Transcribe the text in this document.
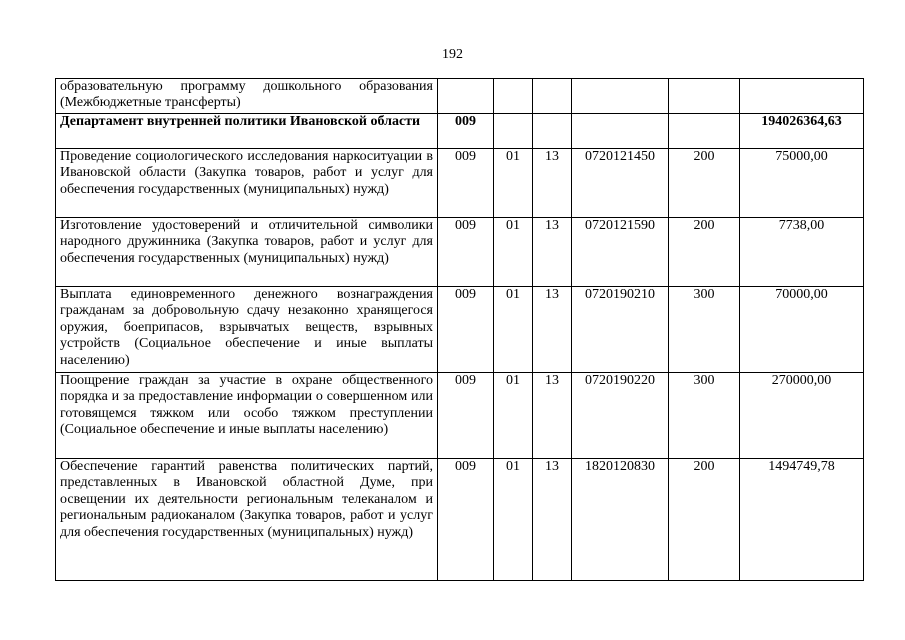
192
образовательную программу дошкольного образования (Межбюджетные трансферты)						
Департамент внутренней политики Ивановской области	009					194026364,63
Проведение социологического исследования наркоситуации в Ивановской области (Закупка товаров, работ и услуг для обеспечения государственных (муниципальных) нужд)	009	01	13	0720121450	200	75000,00
Изготовление удостоверений и отличительной символики народного дружинника (Закупка товаров, работ и услуг для обеспечения государственных (муниципальных) нужд)	009	01	13	0720121590	200	7738,00
Выплата единовременного денежного вознаграждения гражданам за добровольную сдачу незаконно хранящегося оружия, боеприпасов, взрывчатых веществ, взрывных устройств (Социальное обеспечение и иные выплаты населению)	009	01	13	0720190210	300	70000,00
Поощрение граждан за участие в охране общественного порядка и за предоставление информации о совершенном или готовящемся тяжком или особо тяжком преступлении (Социальное обеспечение и иные выплаты населению)	009	01	13	0720190220	300	270000,00
Обеспечение гарантий равенства политических партий, представленных в Ивановской областной Думе, при освещении их деятельности региональным телеканалом и региональным радиоканалом (Закупка товаров, работ и услуг для обеспечения государственных (муниципальных) нужд)	009	01	13	1820120830	200	1494749,78
